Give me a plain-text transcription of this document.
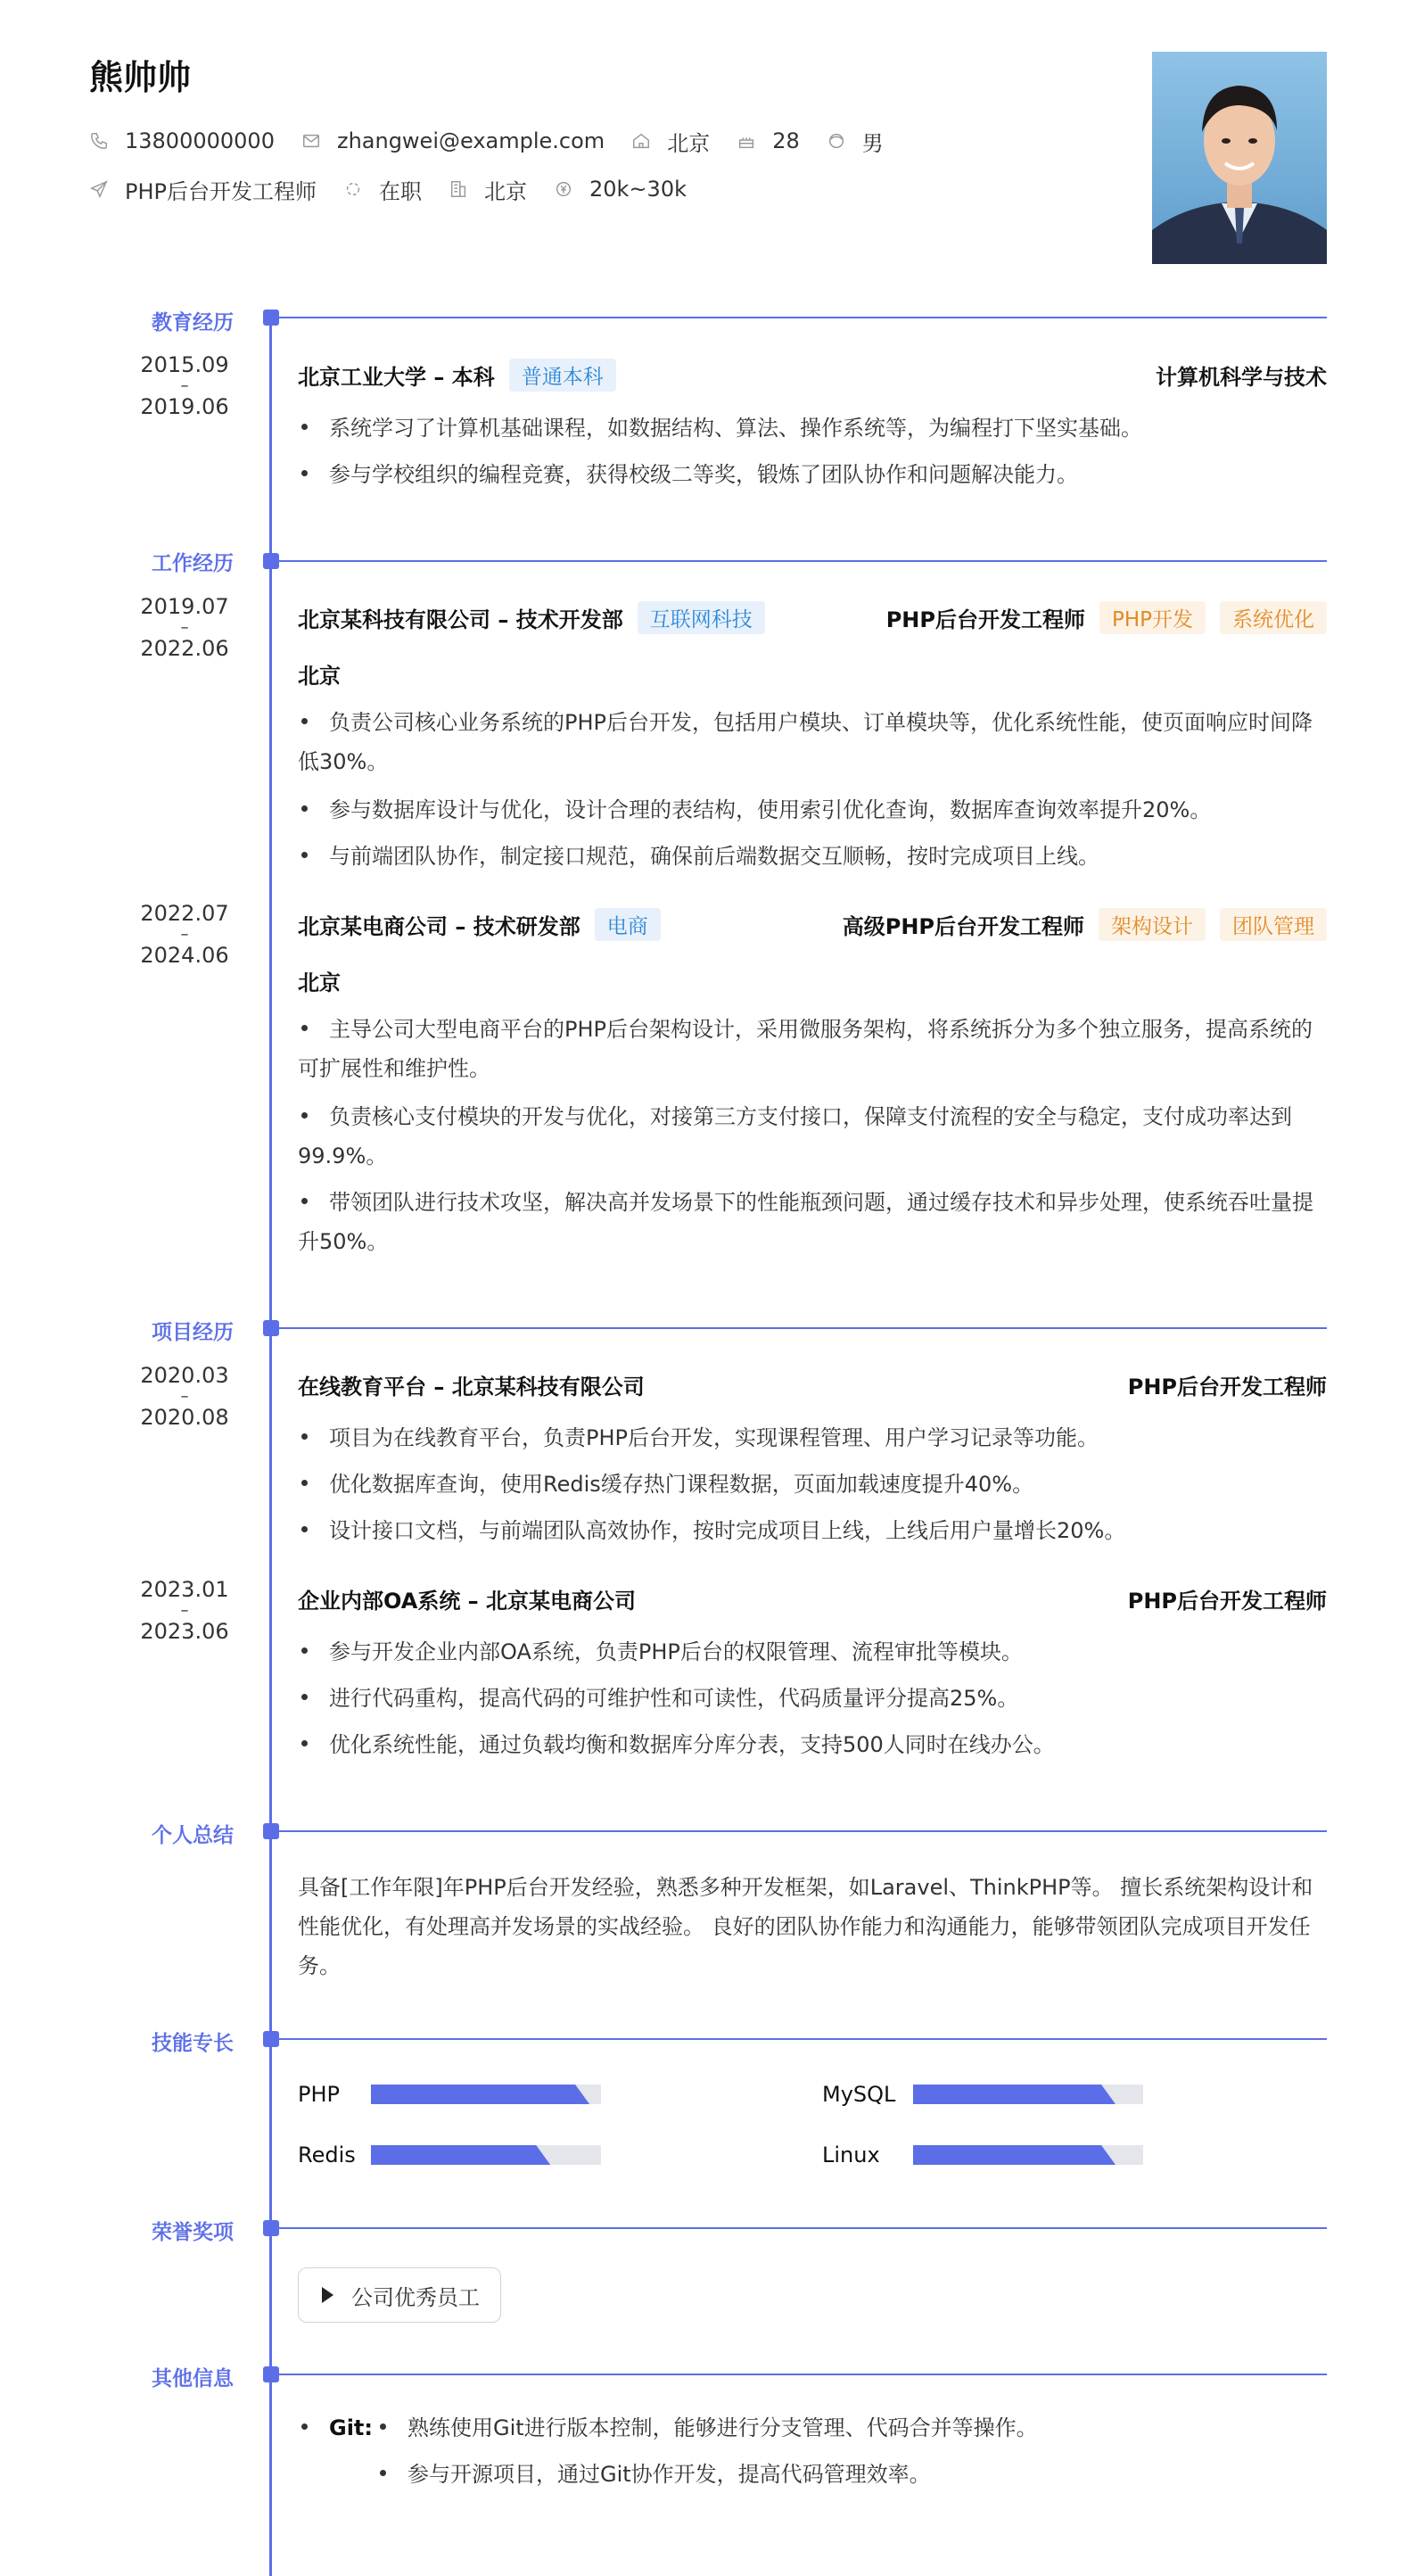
熊帅帅
13800000000	zhangwei@example.com	北京	28	男
PHP后台开发工程师	在职	北京	20k~30k
教育经历
2015.09
–
2019.06
北京工业大学 – 本科	普通本科	计算机科学与技术
系统学习了计算机基础课程，如数据结构、算法、操作系统等，为编程打下坚实基础。
参与学校组织的编程竞赛，获得校级二等奖，锻炼了团队协作和问题解决能力。
工作经历
2019.07
–
2022.06
北京某科技有限公司 – 技术开发部	互联网科技	PHP后台开发工程师	PHP开发	系统优化
北京
负责公司核心业务系统的PHP后台开发，包括用户模块、订单模块等，优化系统性能，使页面响应时间降低30%。
参与数据库设计与优化，设计合理的表结构，使用索引优化查询，数据库查询效率提升20%。
与前端团队协作，制定接口规范，确保前后端数据交互顺畅，按时完成项目上线。
2022.07
–
2024.06
北京某电商公司 – 技术研发部	电商	高级PHP后台开发工程师	架构设计	团队管理
北京
主导公司大型电商平台的PHP后台架构设计，采用微服务架构，将系统拆分为多个独立服务，提高系统的可扩展性和维护性。
负责核心支付模块的开发与优化，对接第三方支付接口，保障支付流程的安全与稳定，支付成功率达到99.9%。
带领团队进行技术攻坚，解决高并发场景下的性能瓶颈问题，通过缓存技术和异步处理，使系统吞吐量提升50%。
项目经历
2020.03
–
2020.08
在线教育平台 – 北京某科技有限公司	PHP后台开发工程师
项目为在线教育平台，负责PHP后台开发，实现课程管理、用户学习记录等功能。
优化数据库查询，使用Redis缓存热门课程数据，页面加载速度提升40%。
设计接口文档，与前端团队高效协作，按时完成项目上线，上线后用户量增长20%。
2023.01
–
2023.06
企业内部OA系统 – 北京某电商公司	PHP后台开发工程师
参与开发企业内部OA系统，负责PHP后台的权限管理、流程审批等模块。
进行代码重构，提高代码的可维护性和可读性，代码质量评分提高25%。
优化系统性能，通过负载均衡和数据库分库分表，支持500人同时在线办公。
个人总结
具备[工作年限]年PHP后台开发经验，熟悉多种开发框架，如Laravel、ThinkPHP等。 擅长系统架构设计和性能优化，有处理高并发场景的实战经验。 良好的团队协作能力和沟通能力，能够带领团队完成项目开发任务。
技能专长
PHP	MySQL
Redis	Linux
荣誉奖项
公司优秀员工
其他信息
Git:	熟练使用Git进行版本控制，能够进行分支管理、代码合并等操作。
参与开源项目，通过Git协作开发，提高代码管理效率。
